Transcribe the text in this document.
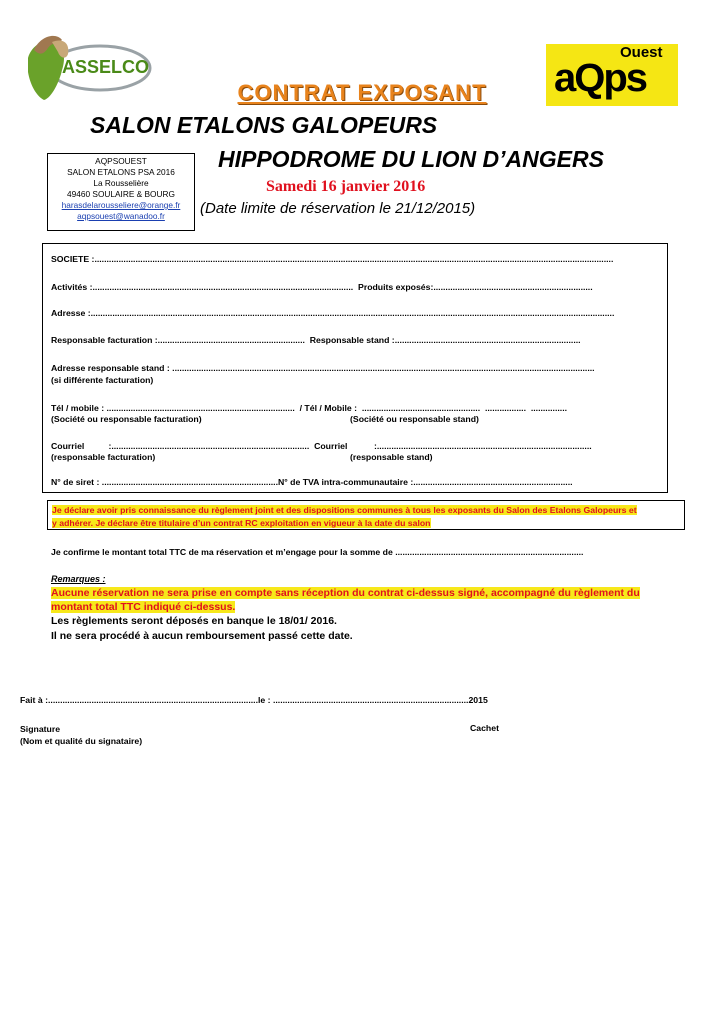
ASSELCO
Ouest
aQps
CONTRAT EXPOSANT
SALON ETALONS GALOPEURS
HIPPODROME DU LION D’ANGERS
AQPSOUEST
SALON ETALONS PSA 2016
La Rousselière
49460 SOULAIRE & BOURG
harasdelarousseliere@orange.fr
aqpsouest@wanadoo.fr
Samedi 16 janvier 2016
(Date limite de réservation le 21/12/2015)
SOCIETE :.......................................................................................................................................................................................................................
Activités :............................................................................................................  Produits exposés:..................................................................
Adresse :.........................................................................................................................................................................................................................
Responsable facturation :.............................................................  Responsable stand :.............................................................................
Adresse responsable stand : ...............................................................................................................................................................................
(si différente facturation)
Tél / mobile : ..............................................................................  / Tél / Mobile :  .................................................  .................  ...............
(Société ou responsable facturation)	(Société ou responsable stand)
Courriel          :..................................................................................  Courriel           :.........................................................................................
(responsable facturation)	(responsable stand)
N° de siret : .........................................................................N° de TVA intra-communautaire :..................................................................
Je déclare avoir pris connaissance du règlement joint et des dispositions communes à tous les exposants du Salon des Etalons Galopeurs et
y adhérer. Je déclare être titulaire d’un contrat RC exploitation en vigueur à la date du salon
Je confirme le montant total TTC de ma réservation et m’engage pour la somme de ..............................................................................
Remarques :
Aucune réservation ne sera prise en compte sans réception du contrat ci-dessus signé, accompagné du règlement du
montant total TTC indiqué ci-dessus.
Les règlements seront déposés en banque le 18/01/ 2016.
Il ne sera procédé à aucun remboursement passé cette date.
Fait à :.......................................................................................le : .................................................................................2015
Signature
(Nom et qualité du signataire)
Cachet
